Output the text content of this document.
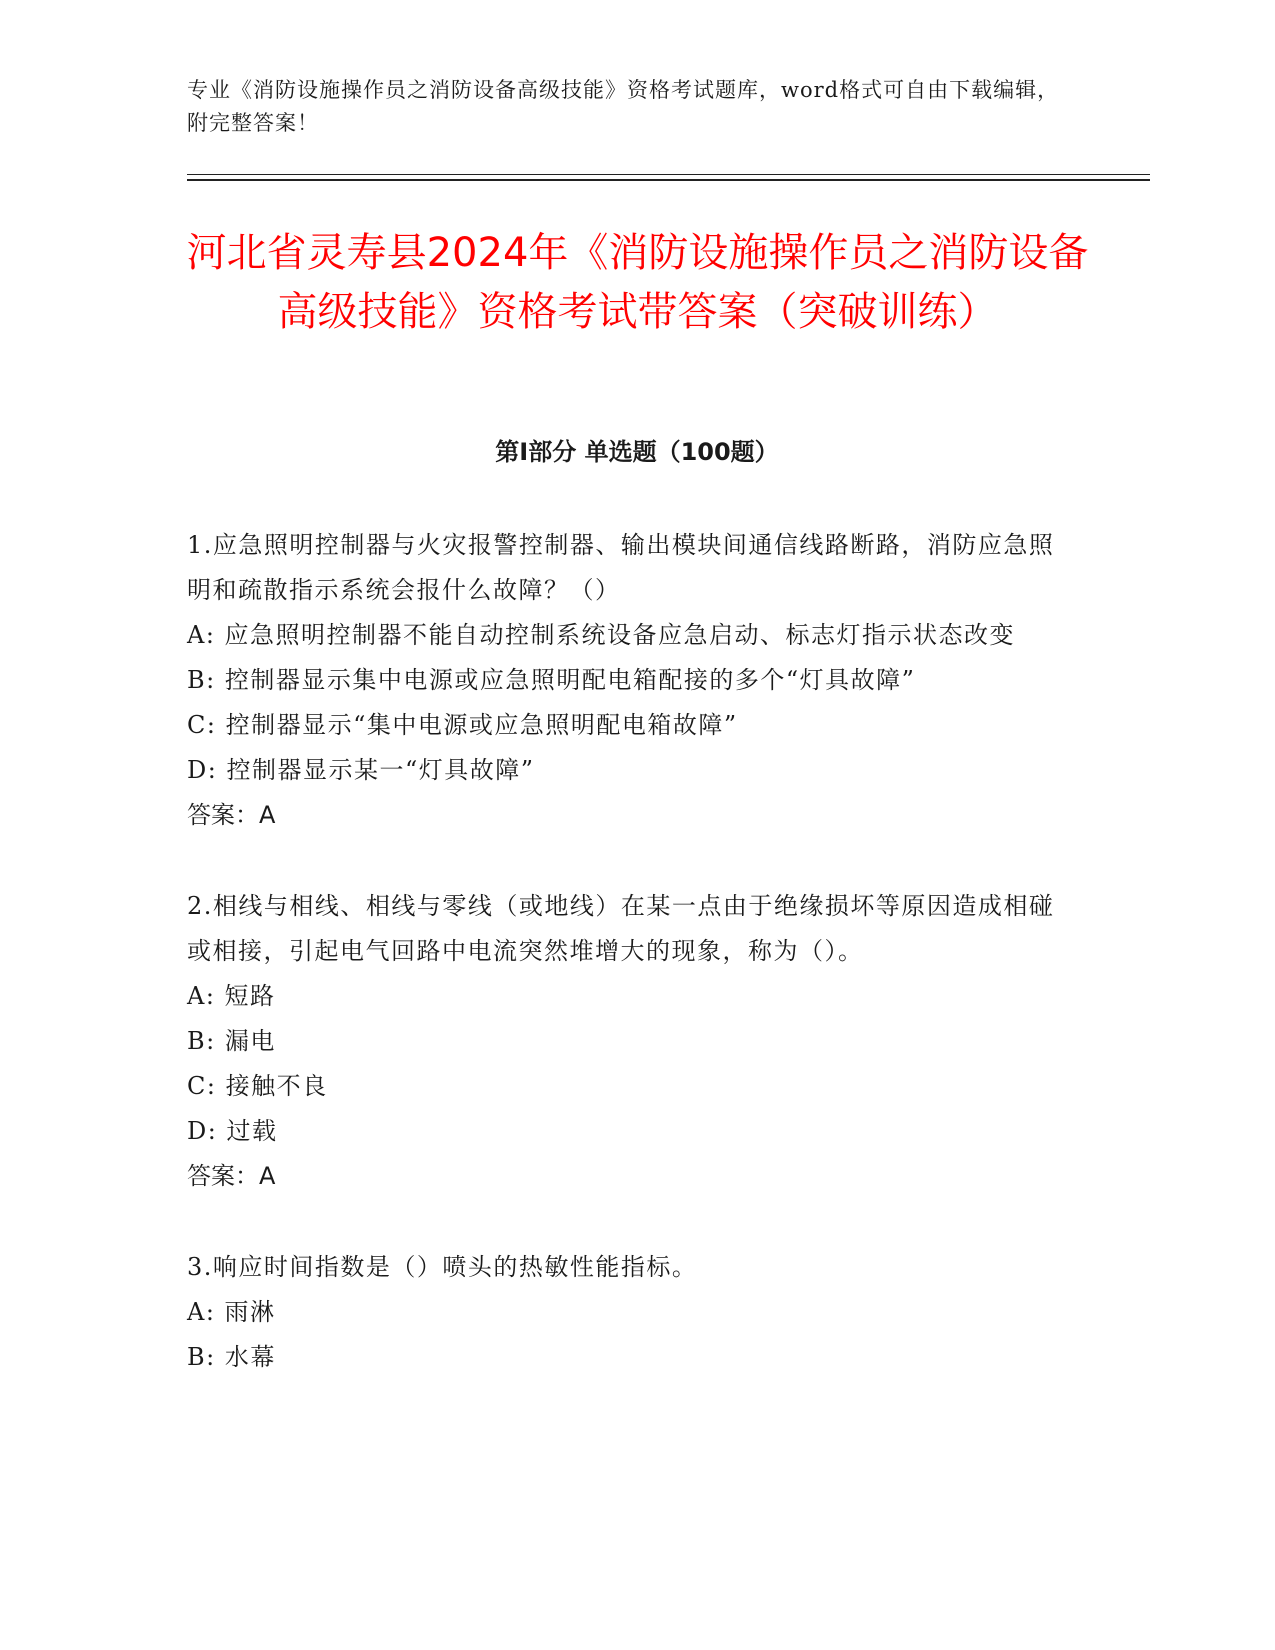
专业《消防设施操作员之消防设备高级技能》资格考试题库，word格式可自由下载编辑，附完整答案！
河北省灵寿县2024年《消防设施操作员之消防设备高级技能》资格考试带答案（突破训练）
第I部分 单选题（100题）

1.应急照明控制器与火灾报警控制器、输出模块间通信线路断路，消防应急照明和疏散指示系统会报什么故障？（）

A: 应急照明控制器不能自动控制系统设备应急启动、标志灯指示状态改变

B: 控制器显示集中电源或应急照明配电箱配接的多个“灯具故障”

C: 控制器显示“集中电源或应急照明配电箱故障”

D: 控制器显示某一“灯具故障”

答案：A

2.相线与相线、相线与零线（或地线）在某一点由于绝缘损坏等原因造成相碰或相接，引起电气回路中电流突然堆增大的现象，称为（）。

A: 短路

B: 漏电

C: 接触不良

D: 过载

答案：A

3.响应时间指数是（）喷头的热敏性能指标。

A: 雨淋

B: 水幕
